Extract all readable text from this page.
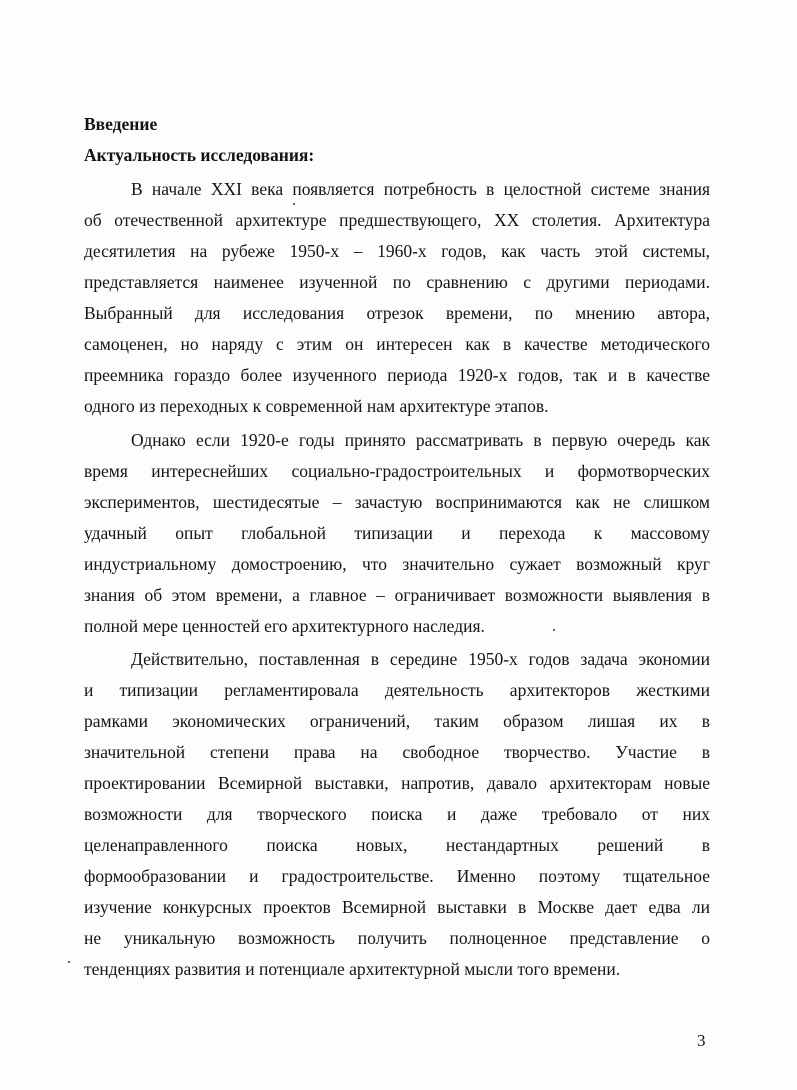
Введение
Актуальность исследования:
В начале XXI века появляется потребность в целостной системе знания
об отечественной архитектуре предшествующего, XX столетия. Архитектура
десятилетия на рубеже 1950-х – 1960-х годов, как часть этой системы,
представляется наименее изученной по сравнению с другими периодами.
Выбранный для исследования отрезок времени, по мнению автора,
самоценен, но наряду с этим он интересен как в качестве методического
преемника гораздо более изученного периода 1920-х годов, так и в качестве
одного из переходных к современной нам архитектуре этапов.
Однако если 1920-е годы принято рассматривать в первую очередь как
время интереснейших социально-градостроительных и формотворческих
экспериментов, шестидесятые – зачастую воспринимаются как не слишком
удачный опыт глобальной типизации и перехода к массовому
индустриальному домостроению, что значительно сужает возможный круг
знания об этом времени, а главное – ограничивает возможности выявления в
полной мере ценностей его архитектурного наследия.
Действительно, поставленная в середине 1950-х годов задача экономии
и типизации регламентировала деятельность архитекторов жесткими
рамками экономических ограничений, таким образом лишая их в
значительной степени права на свободное творчество. Участие в
проектировании Всемирной выставки, напротив, давало архитекторам новые
возможности для творческого поиска и даже требовало от них
целенаправленного поиска новых, нестандартных решений в
формообразовании и градостроительстве. Именно поэтому тщательное
изучение конкурсных проектов Всемирной выставки в Москве дает едва ли
не уникальную возможность получить полноценное представление о
тенденциях развития и потенциале архитектурной мысли того времени.
3
